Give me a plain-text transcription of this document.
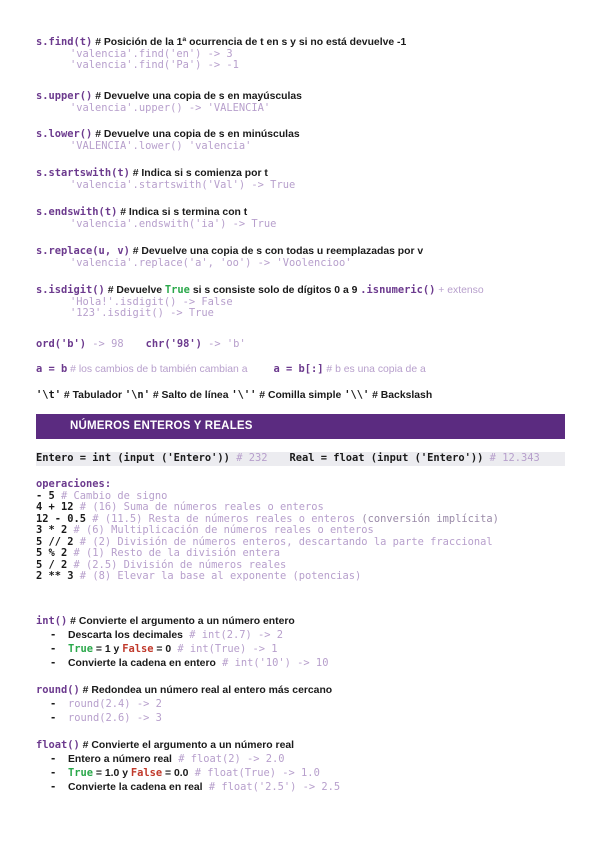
s.find(t) # Posición de la 1ª ocurrencia de t en s y si no está devuelve -1
'valencia'.find('en') -> 3
'valencia'.find('Pa') -> -1
s.upper() # Devuelve una copia de s en mayúsculas
'valencia'.upper() -> 'VALENCIA'
s.lower() # Devuelve una copia de s en minúsculas
'VALENCIA'.lower() 'valencia'
s.startswith(t) # Indica si s comienza por t
'valencia'.startswith('Val') -> True
s.endswith(t) # Indica si s termina con t
'valencia'.endswith('ia') -> True
s.replace(u, v) # Devuelve una copia de s con todas u reemplazadas por v
'valencia'.replace('a', 'oo') -> 'Voolencioo'
s.isdigit() # Devuelve True si s consiste solo de dígitos 0 a 9 .isnumeric() + extenso
'Hola!'.isdigit() -> False
'123'.isdigit() -> True
ord('b') -> 98 chr('98') -> 'b'
a = b # los cambios de b también cambian a	a = b[:] # b es una copia de a
'\t' # Tabulador '\n' # Salto de línea '\'' # Comilla simple '\\' # Backslash
NÚMEROS ENTEROS Y REALES
Entero = int (input ('Entero')) # 232 Real = float (input ('Entero')) # 12.343
operaciones:
- 5 # Cambio de signo
4 + 12 # (16) Suma de números reales o enteros
12 - 0.5 # (11.5) Resta de números reales o enteros (conversión implícita)
3 * 2 # (6) Multiplicación de números reales o enteros
5 // 2 # (2) División de números enteros, descartando la parte fraccional
5 % 2 # (1) Resto de la división entera
5 / 2 # (2.5) División de números reales
2 ** 3 # (8) Elevar la base al exponente (potencias)
int() # Convierte el argumento a un número entero
- Descarta los decimales # int(2.7) -> 2
- True = 1 y False = 0 # int(True) -> 1
- Convierte la cadena en entero # int('10') -> 10
round() # Redondea un número real al entero más cercano
- round(2.4) -> 2
- round(2.6) -> 3
float() # Convierte el argumento a un número real
- Entero a número real # float(2) -> 2.0
- True = 1.0 y False = 0.0 # float(True) -> 1.0
- Convierte la cadena en real # float('2.5') -> 2.5
